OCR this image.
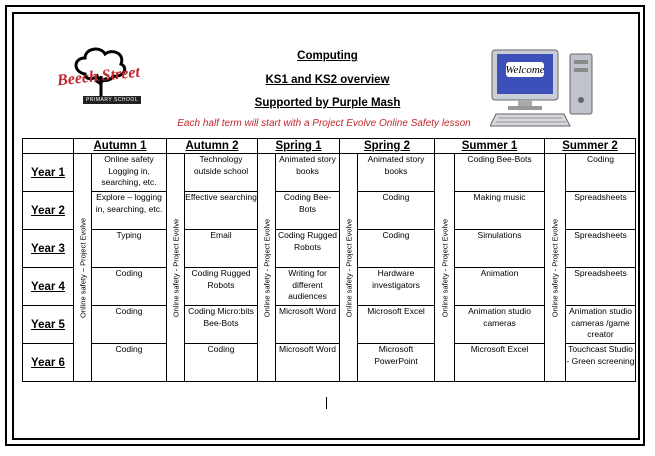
Beech Street
PRIMARY SCHOOL
Computing
KS1 and KS2 overview
Supported by Purple Mash
Welcome
Each half term will start with a Project Evolve Online Safety lesson
	Autumn 1		Autumn 2		Spring 1		Spring 2		Summer 1		Summer 2	
Year 1	Online safety – Project Evolve	Online safety Logging in, searching, etc.	Online safety - Project Evolve	Technology outside school	Online safety - Project Evolve	Animated story books	Online safety - Project Evolve	Animated story books	Online safety - Project Evolve	Coding Bee-Bots	Online safety - Project Evolve	Coding
Year 2		Explore – logging in, searching, etc.		Effective searching		Coding Bee-Bots		Coding		Making music		Spreadsheets
Year 3		Typing		Email		Coding Rugged Robots		Coding		Simulations		Spreadsheets
Year 4		Coding		Coding Rugged Robots		Writing for different audiences		Hardware investigators		Animation		Spreadsheets
Year 5		Coding		Coding Micro:bits Bee-Bots		Microsoft Word		Microsoft Excel		Animation studio cameras		Animation studio cameras /game creator
Year 6		Coding		Coding		Microsoft Word		Microsoft PowerPoint		Microsoft Excel		Touchcast Studio - Green screening
